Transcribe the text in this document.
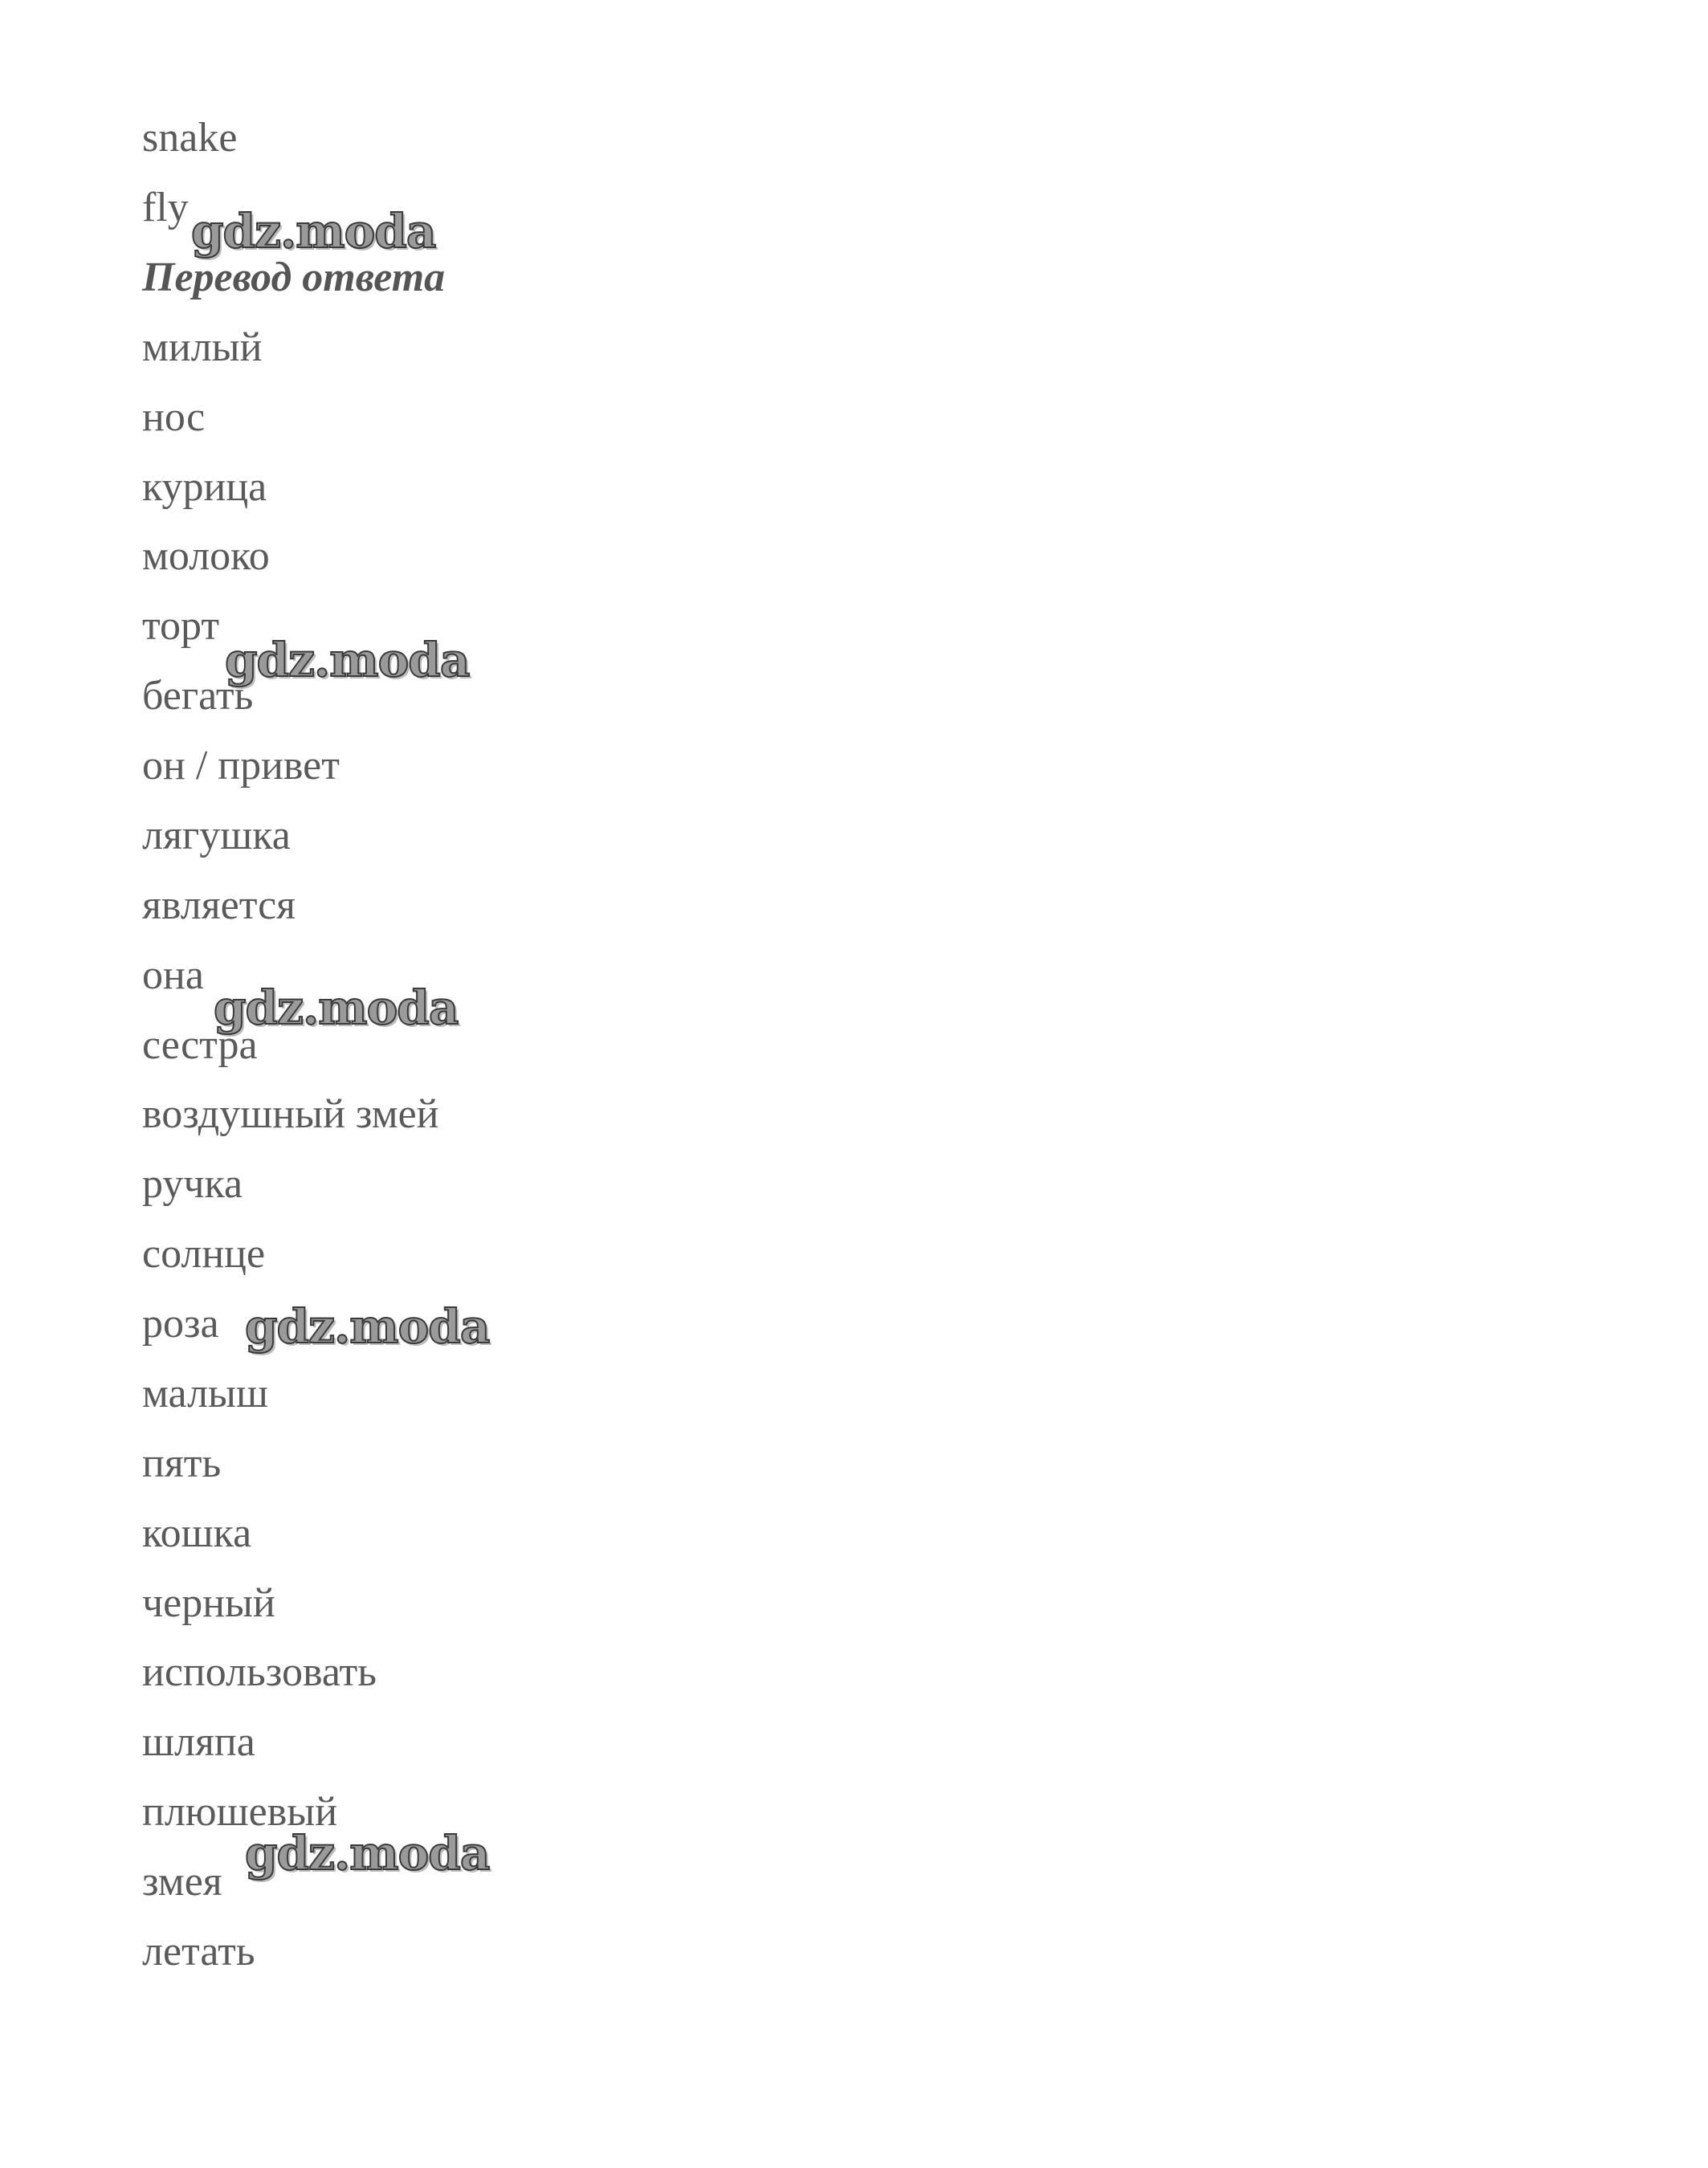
snake
fly
Перевод ответа
милый
нос
курица
молоко
торт
бегать
он / привет
лягушка
является
она
сестра
воздушный змей
ручка
солнце
роза
малыш
пять
кошка
черный
использовать
шляпа
плюшевый
змея
летать
gdz.moda
gdz.moda
gdz.moda
gdz.moda
gdz.moda
